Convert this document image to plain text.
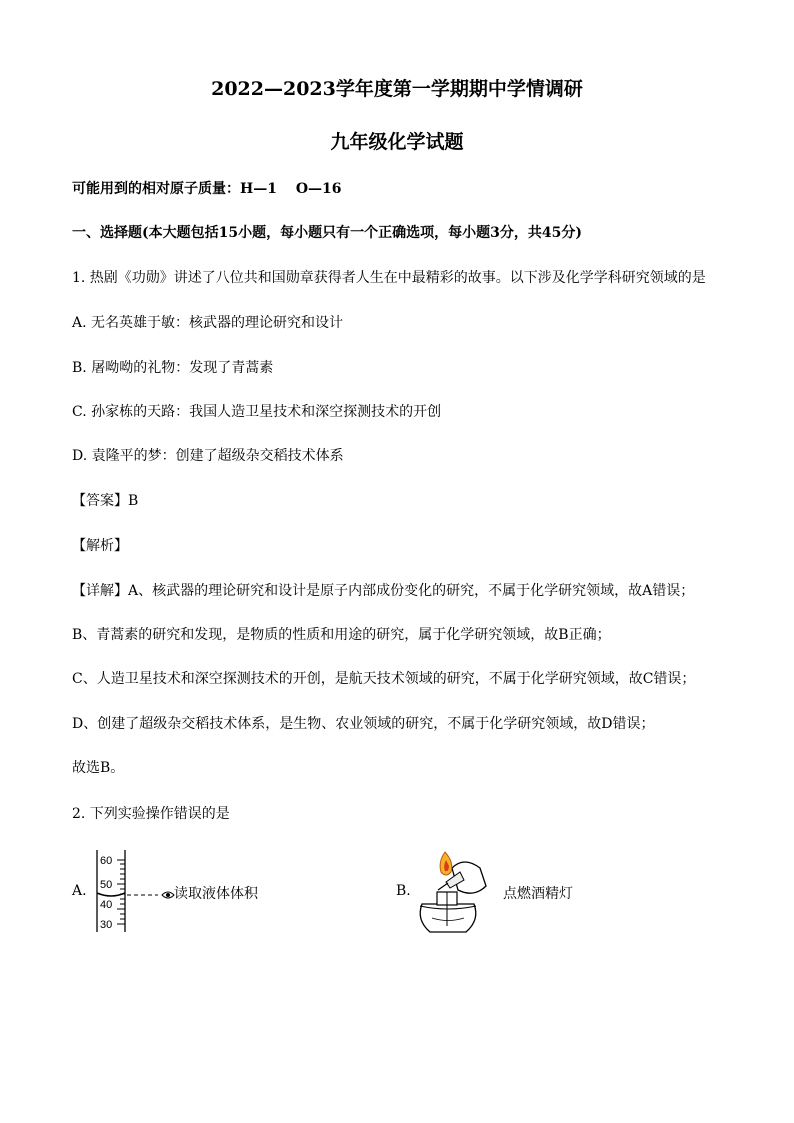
2022—2023学年度第一学期期中学情调研
九年级化学试题
可能用到的相对原子质量：H—1　 O—16
一、选择题(本大题包括15小题，每小题只有一个正确选项，每小题3分，共45分)
1. 热剧《功勋》讲述了八位共和国勋章获得者人生在中最精彩的故事。以下涉及化学学科研究领域的是
A. 无名英雄于敏：核武器的理论研究和设计
B. 屠呦呦的礼物：发现了青蒿素
C. 孙家栋的天路：我国人造卫星技术和深空探测技术的开创
D. 袁隆平的梦：创建了超级杂交稻技术体系
【答案】B
【解析】
【详解】A、核武器的理论研究和设计是原子内部成份变化的研究，不属于化学研究领域，故A错误；
B、青蒿素的研究和发现，是物质的性质和用途的研究，属于化学研究领域，故B正确；
C、人造卫星技术和深空探测技术的开创，是航天技术领域的研究，不属于化学研究领域，故C错误；
D、创建了超级杂交稻技术体系，是生物、农业领域的研究，不属于化学研究领域，故D错误；
故选B。
2. 下列实验操作错误的是
A.
60
50
40
30
读取液体体积	B.	点燃酒精灯
